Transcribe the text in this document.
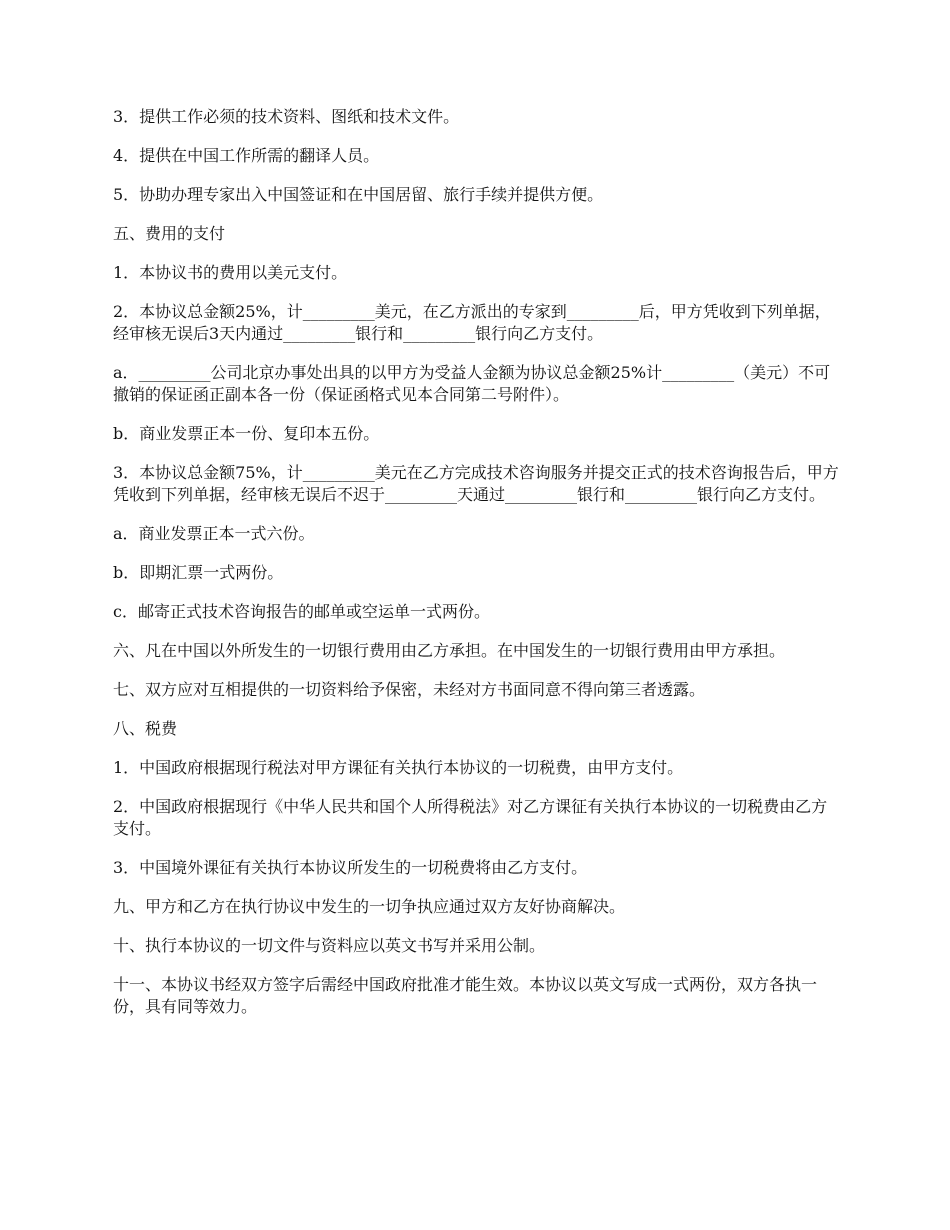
3．提供工作必须的技术资料、图纸和技术文件。

4．提供在中国工作所需的翻译人员。

5．协助办理专家出入中国签证和在中国居留、旅行手续并提供方便。

五、费用的支付

1．本协议书的费用以美元支付。

2．本协议总金额25%，计_________美元，在乙方派出的专家到_________后，甲方凭收到下列单据，经审核无误后3天内通过_________银行和_________银行向乙方支付。

a．_________公司北京办事处出具的以甲方为受益人金额为协议总金额25%计_________（美元）不可撤销的保证函正副本各一份（保证函格式见本合同第二号附件）。

b．商业发票正本一份、复印本五份。

3．本协议总金额75%，计_________美元在乙方完成技术咨询服务并提交正式的技术咨询报告后，甲方凭收到下列单据，经审核无误后不迟于_________天通过_________银行和_________银行向乙方支付。

a．商业发票正本一式六份。

b．即期汇票一式两份。

c．邮寄正式技术咨询报告的邮单或空运单一式两份。

六、凡在中国以外所发生的一切银行费用由乙方承担。在中国发生的一切银行费用由甲方承担。

七、双方应对互相提供的一切资料给予保密，未经对方书面同意不得向第三者透露。

八、税费

1．中国政府根据现行税法对甲方课征有关执行本协议的一切税费，由甲方支付。

2．中国政府根据现行《中华人民共和国个人所得税法》对乙方课征有关执行本协议的一切税费由乙方支付。

3．中国境外课征有关执行本协议所发生的一切税费将由乙方支付。

九、甲方和乙方在执行协议中发生的一切争执应通过双方友好协商解决。

十、执行本协议的一切文件与资料应以英文书写并采用公制。

十一、本协议书经双方签字后需经中国政府批准才能生效。本协议以英文写成一式两份，双方各执一份，具有同等效力。
